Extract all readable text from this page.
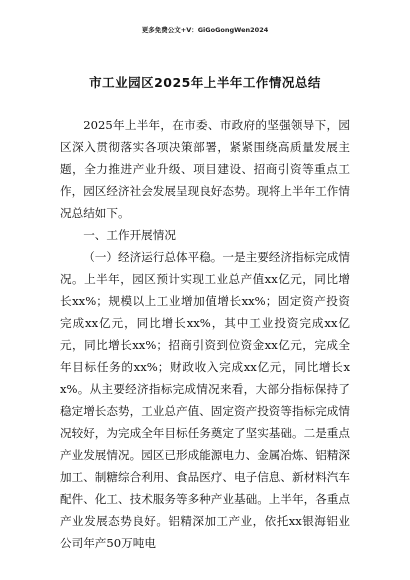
更多免费公文+V：GiGoGongWen2024
市工业园区2025年上半年工作情况总结

2025年上半年，在市委、市政府的坚强领导下，园区深入贯彻落实各项决策部署，紧紧围绕高质量发展主题，全力推进产业升级、项目建设、招商引资等重点工作，园区经济社会发展呈现良好态势。现将上半年工作情况总结如下。

一、工作开展情况

（一）经济运行总体平稳。一是主要经济指标完成情况。上半年，园区预计实现工业总产值xx亿元，同比增长xx%；规模以上工业增加值增长xx%；固定资产投资完成xx亿元，同比增长xx%，其中工业投资完成xx亿元，同比增长xx%；招商引资到位资金xx亿元，完成全年目标任务的xx%；财政收入完成xx亿元，同比增长xx%。从主要经济指标完成情况来看，大部分指标保持了稳定增长态势，工业总产值、固定资产投资等指标完成情况较好，为完成全年目标任务奠定了坚实基础。二是重点产业发展情况。园区已形成能源电力、金属冶炼、铝精深加工、制糖综合利用、食品医疗、电子信息、新材料汽车配件、化工、技术服务等多种产业基础。上半年，各重点产业发展态势良好。铝精深加工产业，依托xx银海铝业公司年产50万吨电
